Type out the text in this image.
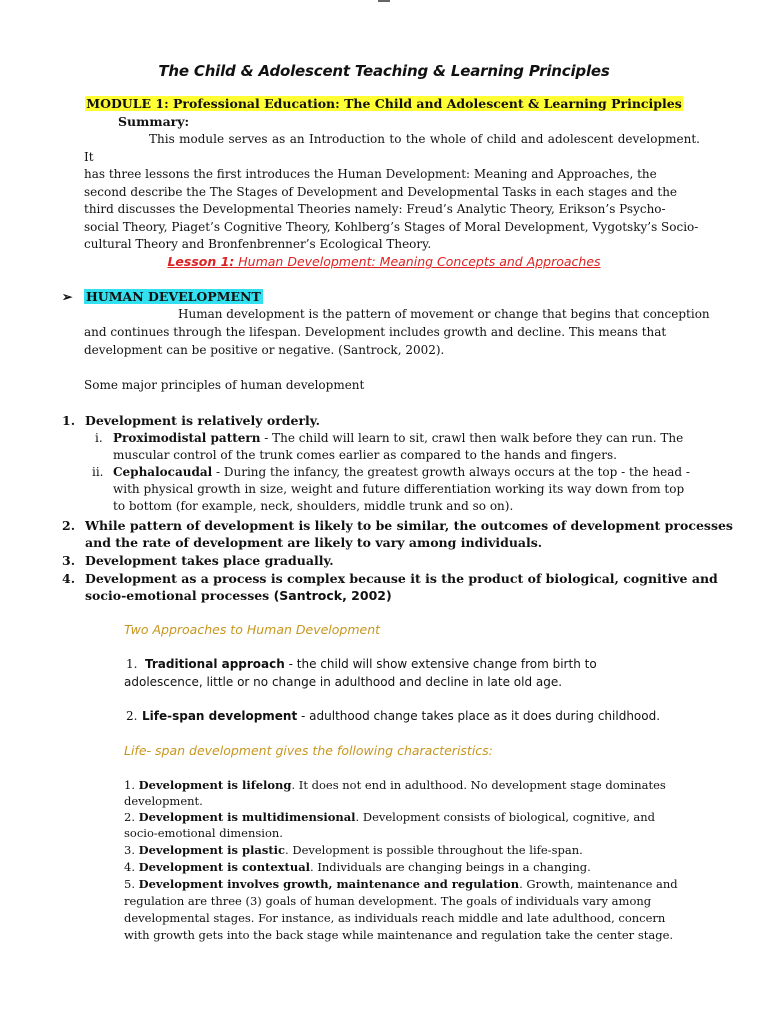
The Child & Adolescent Teaching & Learning Principles
MODULE 1: Professional Education: The Child and Adolescent & Learning Principles
Summary:
This module serves as an Introduction to the whole of child and adolescent development. It
has three lessons the first introduces the Human Development: Meaning and Approaches, the
second describe the The Stages of Development and Developmental Tasks in each stages and the
third discusses the Developmental Theories namely: Freud’s Analytic Theory, Erikson’s Psycho-
social Theory, Piaget’s Cognitive Theory, Kohlberg’s Stages of Moral Development, Vygotsky’s Socio-
cultural Theory and Bronfenbrenner’s Ecological Theory.
Lesson 1: Human Development: Meaning Concepts and Approaches
➢ HUMAN DEVELOPMENT
Human development is the pattern of movement or change that begins that conception
and continues through the lifespan. Development includes growth and decline. This means that
development can be positive or negative. (Santrock, 2002).
Some major principles of human development
1. Development is relatively orderly.
i. Proximodistal pattern - The child will learn to sit, crawl then walk before they can run. The
muscular control of the trunk comes earlier as compared to the hands and fingers.
ii. Cephalocaudal - During the infancy, the greatest growth always occurs at the top - the head -
with physical growth in size, weight and future differentiation working its way down from top
to bottom (for example, neck, shoulders, middle trunk and so on).
2. While pattern of development is likely to be similar, the outcomes of development processes
and the rate of development are likely to vary among individuals.
3. Development takes place gradually.
4. Development as a process is complex because it is the product of biological, cognitive and
socio-emotional processes (Santrock, 2002)
Two Approaches to Human Development
1. Traditional approach - the child will show extensive change from birth to
adolescence, little or no change in adulthood and decline in late old age.
2. Life-span development - adulthood change takes place as it does during childhood.
Life- span development gives the following characteristics:
1. Development is lifelong. It does not end in adulthood. No development stage dominates
development.
2. Development is multidimensional. Development consists of biological, cognitive, and
socio-emotional dimension.
3. Development is plastic. Development is possible throughout the life-span.
4. Development is contextual. Individuals are changing beings in a changing.
5. Development involves growth, maintenance and regulation. Growth, maintenance and
regulation are three (3) goals of human development. The goals of individuals vary among
developmental stages. For instance, as individuals reach middle and late adulthood, concern
with growth gets into the back stage while maintenance and regulation take the center stage.
